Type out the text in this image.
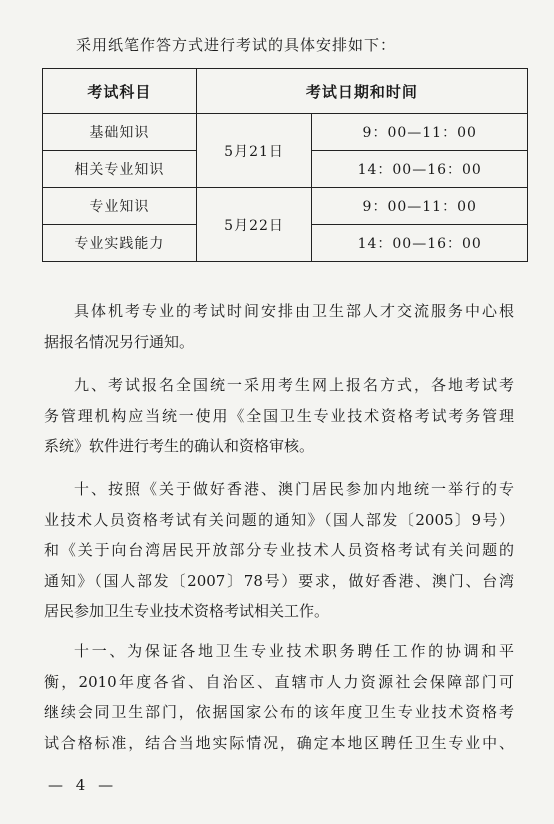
采用纸笔作答方式进行考试的具体安排如下：
考试科目	考试日期和时间	
基础知识	5月21日	9：00—11：00
相关专业知识		14：00—16：00
专业知识	5月22日	9：00—11：00
专业实践能力		14：00—16：00
具体机考专业的考试时间安排由卫生部人才交流服务中心根
据报名情况另行通知。
九、考试报名全国统一采用考生网上报名方式，各地考试考
务管理机构应当统一使用《全国卫生专业技术资格考试考务管理
系统》软件进行考生的确认和资格审核。
十、按照《关于做好香港、澳门居民参加内地统一举行的专
业技术人员资格考试有关问题的通知》（国人部发〔2005〕9号）
和《关于向台湾居民开放部分专业技术人员资格考试有关问题的
通知》（国人部发〔2007〕78号）要求，做好香港、澳门、台湾
居民参加卫生专业技术资格考试相关工作。
十一、为保证各地卫生专业技术职务聘任工作的协调和平
衡，2010年度各省、自治区、直辖市人力资源社会保障部门可
继续会同卫生部门，依据国家公布的该年度卫生专业技术资格考
试合格标准，结合当地实际情况，确定本地区聘任卫生专业中、
— 4 —
